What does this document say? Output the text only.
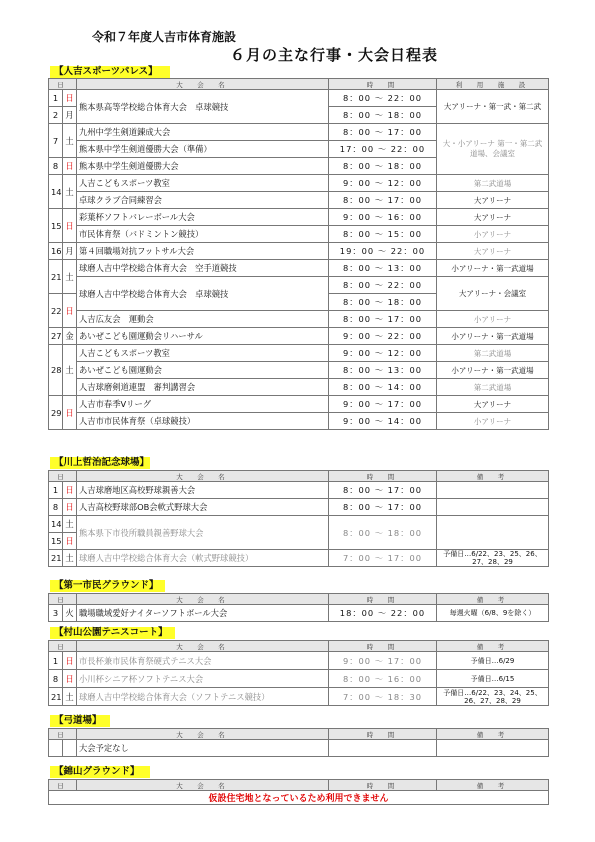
令和７年度人吉市体育施設
６月の主な行事・大会日程表
【人吉スポーツパレス】
日		大　会　名	時　間	利　用　施　設
1	日	熊本県高等学校総合体育大会　卓球競技	8：00 ～ 22：00	大アリーナ・第一武・第二武
2	月		8：00 ～ 18：00	
7	土	九州中学生剣道錬成大会	8：00 ～ 17：00	大・小アリーナ 第一・第二武道場、会議室
		熊本県中学生剣道優勝大会（準備）	17：00 ～ 22：00	
8	日	熊本県中学生剣道優勝大会	8：00 ～ 18：00	
14	土	人吉こどもスポーツ教室	9：00 ～ 12：00	第二武道場
		卓球クラブ合同練習会	8：00 ～ 17：00	大アリーナ
15	日	彩葉杯ソフトバレーボール大会	9：00 ～ 16：00	大アリーナ
		市民体育祭（バドミントン競技）	8：00 ～ 15：00	小アリーナ
16	月	第４回職場対抗フットサル大会	19：00 ～ 22：00	大アリーナ
21	土	球磨人吉中学校総合体育大会　空手道競技	8：00 ～ 13：00	小アリーナ・第一武道場
		球磨人吉中学校総合体育大会　卓球競技	8：00 ～ 22：00	大アリーナ・会議室
22	日		8：00 ～ 18：00	
		人吉広友会　運動会	8：00 ～ 17：00	小アリーナ
27	金	あいぜこども園運動会リハーサル	9：00 ～ 22：00	小アリーナ・第一武道場
28	土	人吉こどもスポーツ教室	9：00 ～ 12：00	第二武道場
		あいぜこども園運動会	8：00 ～ 13：00	小アリーナ・第一武道場
		人吉球磨剣道連盟　審判講習会	8：00 ～ 14：00	第二武道場
29	日	人吉市春季Vリーグ	9：00 ～ 17：00	大アリーナ
		人吉市市民体育祭（卓球競技）	9：00 ～ 14：00	小アリーナ
【川上哲治記念球場】
日		大　会　名	時　間	備　考
1	日	人吉球磨地区高校野球親善大会	8：00 ～ 17：00	
8	日	人吉高校野球部OB会軟式野球大会	8：00 ～ 17：00	
14	土	熊本県下市役所職員親善野球大会	8：00 ～ 18：00	
15	日			
21	土	球磨人吉中学校総合体育大会（軟式野球競技）	7：00 ～ 17：00	予備日…6/22、23、25、26、27、28、29
【第一市民グラウンド】
日		大　会　名	時　間	備　考
3	火	職場職域愛好ナイターソフトボール大会	18：00 ～ 22：00	毎週火曜（6/8、9を除く）
【村山公園テニスコート】
日		大　会　名	時　間	備　考
1	日	市長杯兼市民体育祭硬式テニス大会	9：00 ～ 17：00	予備日…6/29
8	日	小川杯シニア杯ソフトテニス大会	8：00 ～ 16：00	予備日…6/15
21	土	球磨人吉中学校総合体育大会（ソフトテニス競技）	7：00 ～ 18：30	予備日…6/22、23、24、25、26、27、28、29
【弓道場】
日		大　会　名	時　間	備　考
		大会予定なし		
【錦山グラウンド】
日	大　会　名	時　間	備　考
仮設住宅地となっているため利用できません
